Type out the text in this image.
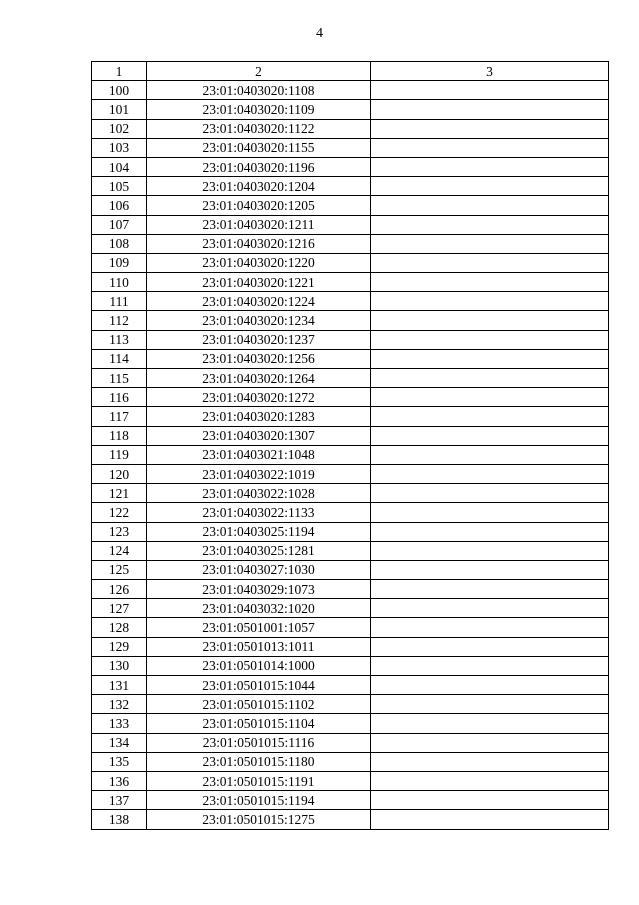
4
1	2	3
100	23:01:0403020:1108	
101	23:01:0403020:1109	
102	23:01:0403020:1122	
103	23:01:0403020:1155	
104	23:01:0403020:1196	
105	23:01:0403020:1204	
106	23:01:0403020:1205	
107	23:01:0403020:1211	
108	23:01:0403020:1216	
109	23:01:0403020:1220	
110	23:01:0403020:1221	
111	23:01:0403020:1224	
112	23:01:0403020:1234	
113	23:01:0403020:1237	
114	23:01:0403020:1256	
115	23:01:0403020:1264	
116	23:01:0403020:1272	
117	23:01:0403020:1283	
118	23:01:0403020:1307	
119	23:01:0403021:1048	
120	23:01:0403022:1019	
121	23:01:0403022:1028	
122	23:01:0403022:1133	
123	23:01:0403025:1194	
124	23:01:0403025:1281	
125	23:01:0403027:1030	
126	23:01:0403029:1073	
127	23:01:0403032:1020	
128	23:01:0501001:1057	
129	23:01:0501013:1011	
130	23:01:0501014:1000	
131	23:01:0501015:1044	
132	23:01:0501015:1102	
133	23:01:0501015:1104	
134	23:01:0501015:1116	
135	23:01:0501015:1180	
136	23:01:0501015:1191	
137	23:01:0501015:1194	
138	23:01:0501015:1275	
